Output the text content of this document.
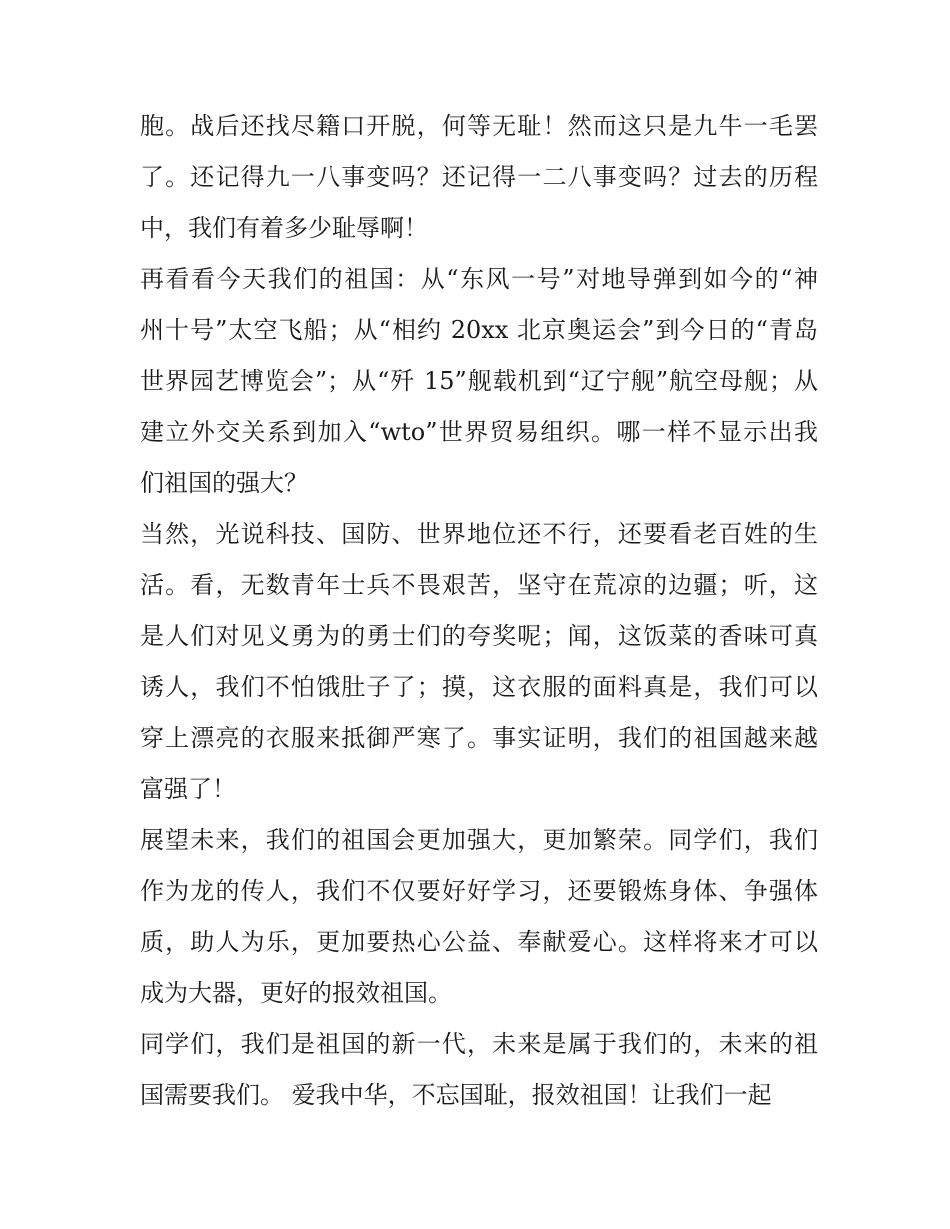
胞。战后还找尽籍口开脱，何等无耻！然而这只是九牛一毛罢
了。还记得九一八事变吗？还记得一二八事变吗？过去的历程
中，我们有着多少耻辱啊！
再看看今天我们的祖国：从“东风一号”对地导弹到如今的“神
州十号”太空飞船；从“相约 20xx 北京奥运会”到今日的“青岛
世界园艺博览会”；从“歼 15”舰载机到“辽宁舰”航空母舰；从
建立外交关系到加入“wto”世界贸易组织。哪一样不显示出我
们祖国的强大？
当然，光说科技、国防、世界地位还不行，还要看老百姓的生
活。看，无数青年士兵不畏艰苦，坚守在荒凉的边疆；听，这
是人们对见义勇为的勇士们的夸奖呢；闻，这饭菜的香味可真
诱人，我们不怕饿肚子了；摸，这衣服的面料真是，我们可以
穿上漂亮的衣服来抵御严寒了。事实证明，我们的祖国越来越
富强了！
展望未来，我们的祖国会更加强大，更加繁荣。同学们，我们
作为龙的传人，我们不仅要好好学习，还要锻炼身体、争强体
质，助人为乐，更加要热心公益、奉献爱心。这样将来才可以
成为大器，更好的报效祖国。
同学们，我们是祖国的新一代，未来是属于我们的，未来的祖
国需要我们。 爱我中华，不忘国耻，报效祖国！让我们一起
